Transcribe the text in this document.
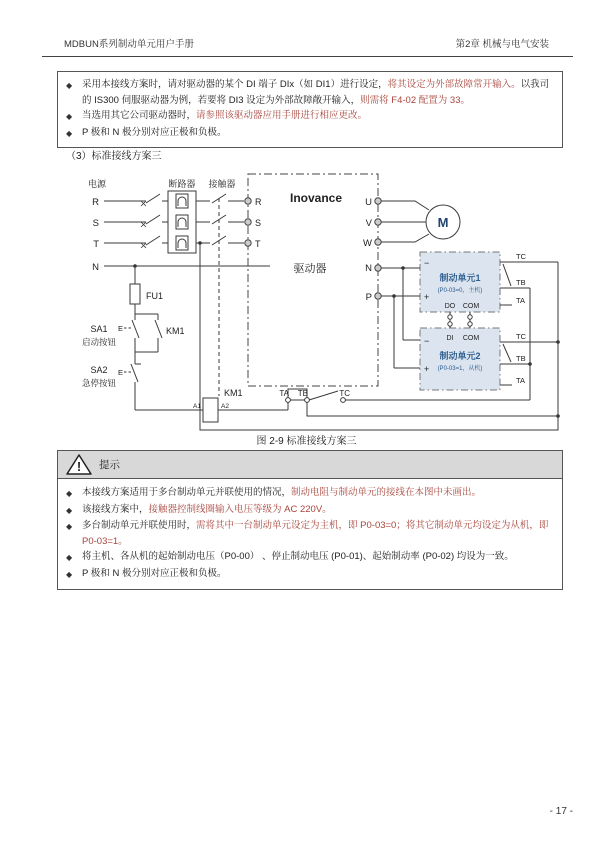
MDBUN系列制动单元用户手册	第2章 机械与电气安装
◆	采用本接线方案时，请对驱动器的某个 DI 端子 DIx（如 DI1）进行设定，将其设定为外部故障常开输入。以我司的 IS300 伺服驱动器为例，若要将 DI3 设定为外部故障敞开输入，则需将 F4-02 配置为 33。
◆	当选用其它公司驱动器时，请参照该驱动器应用手册进行相应更改。
◆	P 极和 N 极分别对应正极和负极。
（3）标准接线方案三
电源	断路器 接触器
R
S
T
N
R
S
T
Inovance
驱动器
U
V
W
N
P
M
FU1
SA1
启动按钮
SA2
急停按钮
E
E
KM1
KM1
A1	A2
制动单元1
(P0-03=0，主机)
制动单元2
(P0-03=1，从机)
DO COM
DI COM
−
+
−
+
TC
TB
TA
TC
TB
TA
TA TB	TC
图 2-9 标准接线方案三
! 提示
◆	本接线方案适用于多台制动单元并联使用的情况，制动电阻与制动单元的接线在本图中未画出。
◆	该接线方案中，接触器控制线圈输入电压等级为 AC 220V。
◆	多台制动单元并联使用时，需将其中一台制动单元设定为主机，即 P0-03=0；将其它制动单元均设定为从机，即 P0-03=1。
◆	将主机、各从机的起始制动电压（P0-00） 、停止制动电压 (P0-01)、起始制动率 (P0-02) 均设为一致。
◆	P 极和 N 极分别对应正极和负极。
- 17 -
